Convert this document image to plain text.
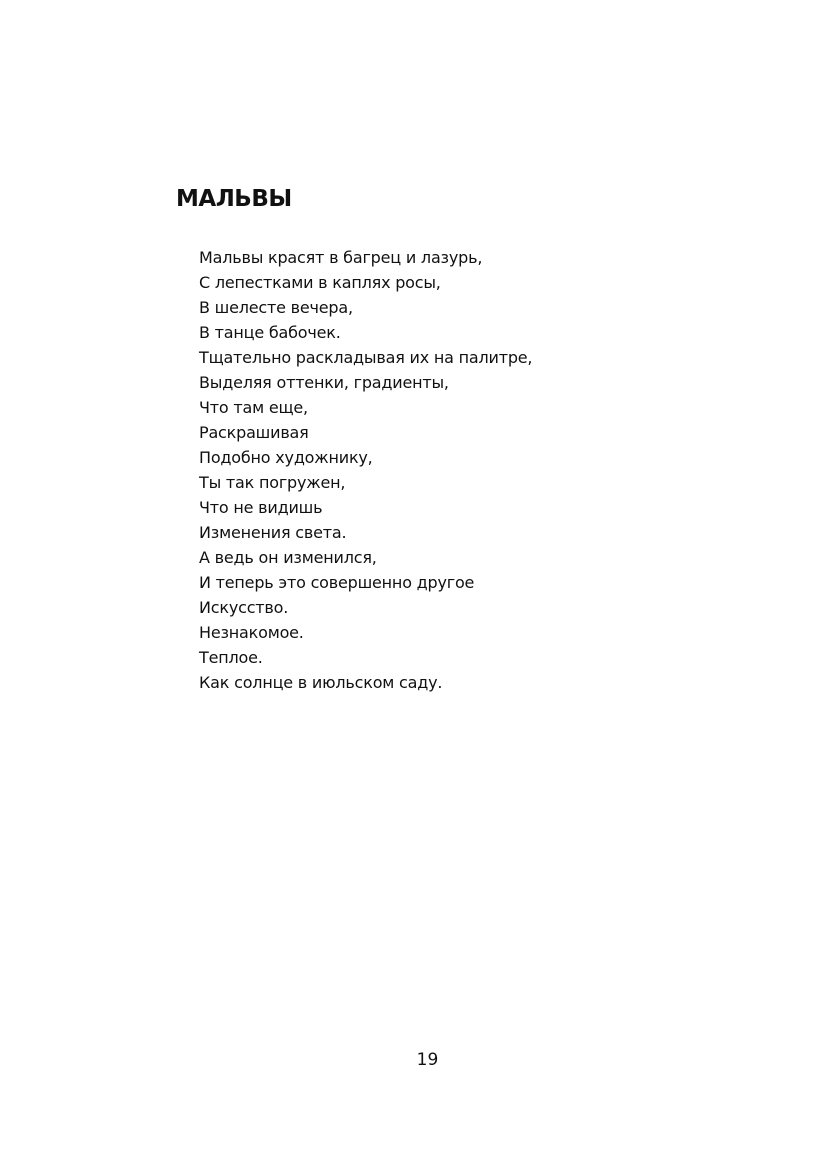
МАЛЬВЫ
Мальвы красят в багрец и лазурь,
С лепестками в каплях росы,
В шелесте вечера,
В танце бабочек.
Тщательно раскладывая их на палитре,
Выделяя оттенки, градиенты,
Что там еще,
Раскрашивая
Подобно художнику,
Ты так погружен,
Что не видишь
Изменения света.
А ведь он изменился,
И теперь это совершенно другое
Искусство.
Незнакомое.
Теплое.
Как солнце в июльском саду.
19
